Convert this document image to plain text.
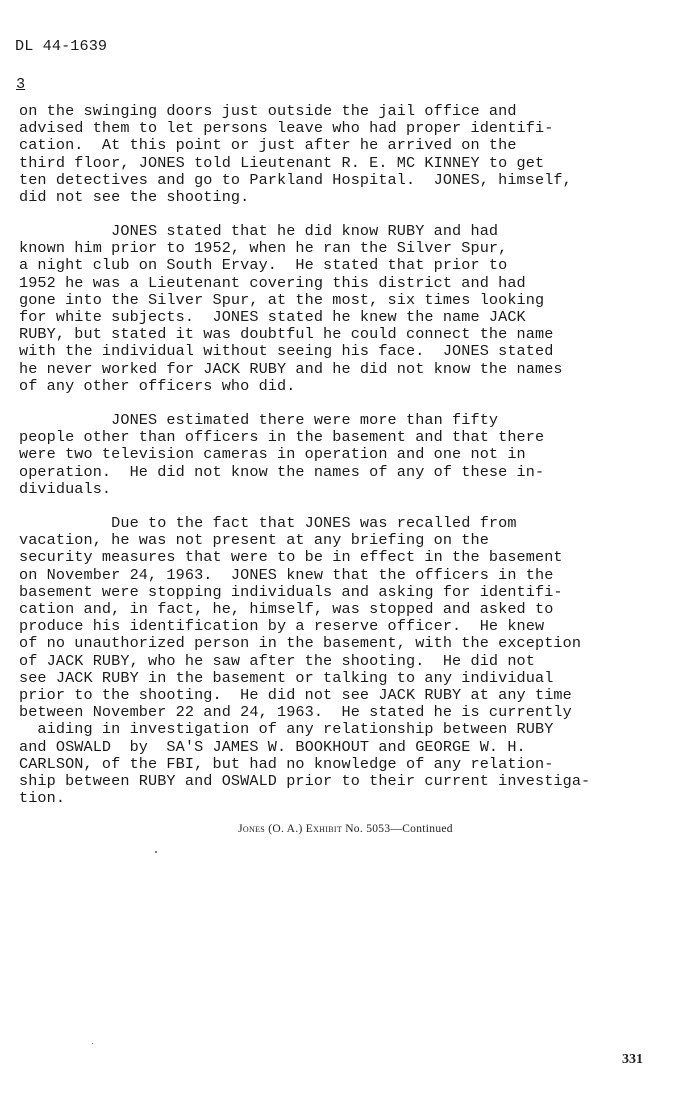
DL 44-1639
3

on the swinging doors just outside the jail office and
advised them to let persons leave who had proper identifi-
cation.  At this point or just after he arrived on the
third floor, JONES told Lieutenant R. E. MC KINNEY to get
ten detectives and go to Parkland Hospital.  JONES, himself,
did not see the shooting.

JONES stated that he did know RUBY and had
known him prior to 1952, when he ran the Silver Spur,
a night club on South Ervay.  He stated that prior to
1952 he was a Lieutenant covering this district and had
gone into the Silver Spur, at the most, six times looking
for white subjects.  JONES stated he knew the name JACK
RUBY, but stated it was doubtful he could connect the name
with the individual without seeing his face.  JONES stated
he never worked for JACK RUBY and he did not know the names
of any other officers who did.

JONES estimated there were more than fifty
people other than officers in the basement and that there
were two television cameras in operation and one not in
operation.  He did not know the names of any of these in-
dividuals.

Due to the fact that JONES was recalled from
vacation, he was not present at any briefing on the
security measures that were to be in effect in the basement
on November 24, 1963.  JONES knew that the officers in the
basement were stopping individuals and asking for identifi-
cation and, in fact, he, himself, was stopped and asked to
produce his identification by a reserve officer.  He knew
of no unauthorized person in the basement, with the exception
of JACK RUBY, who he saw after the shooting.  He did not
see JACK RUBY in the basement or talking to any individual
prior to the shooting.  He did not see JACK RUBY at any time
between November 22 and 24, 1963.  He stated he is currently
aiding in investigation of any relationship between RUBY
and OSWALD  by  SA'S JAMES W. BOOKHOUT and GEORGE W. H.
CARLSON, of the FBI, but had no knowledge of any relation-
ship between RUBY and OSWALD prior to their current investiga-
tion.

Jones (O. A.) Exhibit No. 5053—Continued
331
